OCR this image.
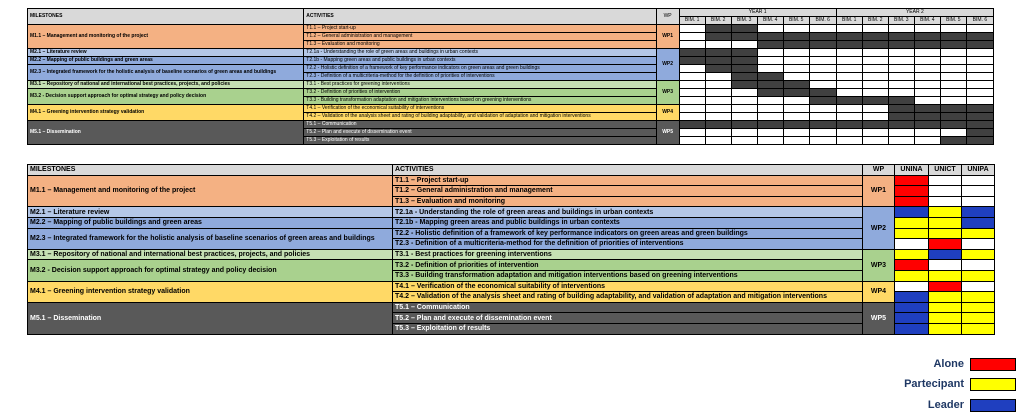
MILESTONES	ACTIVITIES	WP	YEAR 1						YEAR 2					
			BIM. 1	BIM. 2	BIM. 3	BIM. 4	BIM. 5	BIM. 6	BIM. 1	BIM. 2	BIM. 3	BIM. 4	BIM. 5	BIM. 6
M1.1 – Management and monitoring of the project	T1.1 – Project start-up	WP1												
	T1.2 – General administration and management													
	T1.3 – Evaluation and monitoring													
M2.1 – Literature review	T2.1a - Understanding the role of green areas and buildings in urban contexts	WP2												
M2.2 – Mapping of public buildings and green areas	T2.1b - Mapping green areas and public buildings in urban contexts													
M2.3 – Integrated framework for the holistic analysis of baseline scenarios of green areas and buildings	T2.2 - Holistic definition of a framework of key performance indicators on green areas and green buildings													
	T2.3 - Definition of a multicriteria-method for the definition of priorities of interventions													
M3.1 – Repository of national and international best practices, projects, and policies	T3.1 - Best practices for greening interventions	WP3												
M3.2 - Decision support approach for optimal strategy and policy decision	T3.2 - Definition of priorities of intervention													
	T3.3 - Building transformation adaptation and mitigation interventions based on greening interventions													
M4.1 – Greening intervention strategy validation	T4.1 – Verification of the economical suitability of interventions	WP4												
	T4.2 – Validation of the analysis sheet and rating of building adaptability, and validation of adaptation and mitigation interventions													
M5.1 – Dissemination	T5.1 – Communication	WP5												
	T5.2 – Plan and execute of dissemination event													
	T5.3 – Exploitation of results													
MILESTONES	ACTIVITIES	WP	UNINA	UNICT	UNIPA
M1.1 – Management and monitoring of the project	T1.1 – Project start-up	WP1			
	T1.2 – General administration and management				
	T1.3 – Evaluation and monitoring				
M2.1 – Literature review	T2.1a - Understanding the role of green areas and buildings in urban contexts	WP2			
M2.2 – Mapping of public buildings and green areas	T2.1b - Mapping green areas and public buildings in urban contexts				
M2.3 – Integrated framework for the holistic analysis of baseline scenarios of green areas and buildings	T2.2 - Holistic definition of a framework of key performance indicators on green areas and green buildings				
	T2.3 - Definition of a multicriteria-method for the definition of priorities of interventions				
M3.1 – Repository of national and international best practices, projects, and policies	T3.1 - Best practices for greening interventions	WP3			
M3.2 - Decision support approach for optimal strategy and policy decision	T3.2 - Definition of priorities of intervention				
	T3.3 - Building transformation adaptation and mitigation interventions based on greening interventions				
M4.1 – Greening intervention strategy validation	T4.1 – Verification of the economical suitability of interventions	WP4			
	T4.2 – Validation of the analysis sheet and rating of building adaptability, and validation of adaptation and mitigation interventions				
M5.1 – Dissemination	T5.1 – Communication	WP5			
	T5.2 – Plan and execute of dissemination event				
	T5.3 – Exploitation of results				
Alone
Partecipant
Leader
